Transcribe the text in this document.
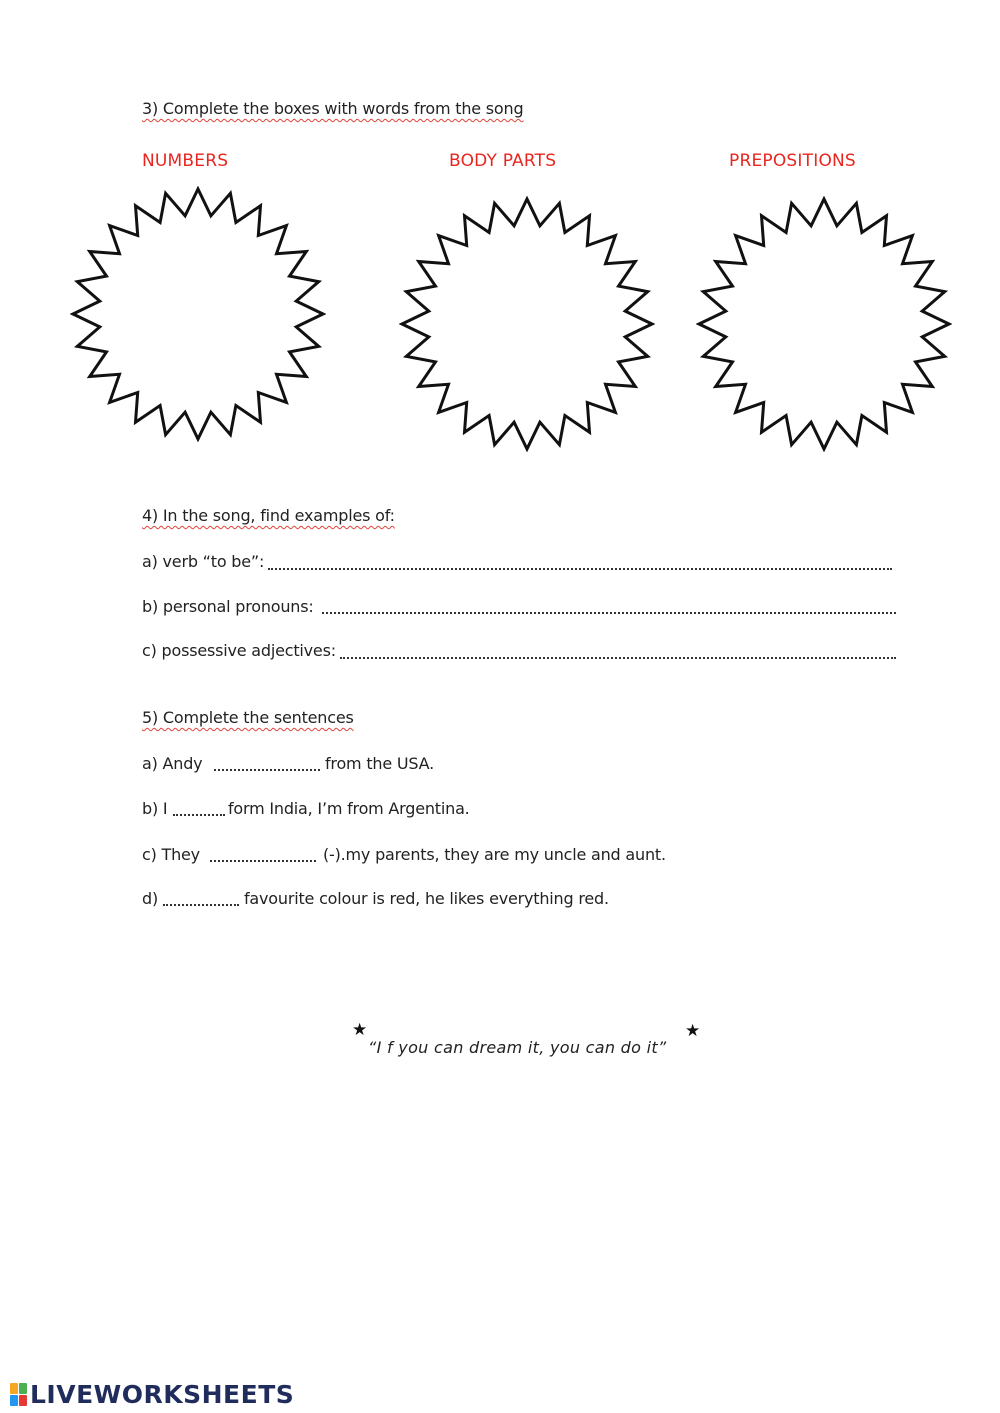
3) Complete the boxes with words from the song
NUMBERS	BODY PARTS	PREPOSITIONS
4) In the song, find examples of:
a) verb “to be”:
b) personal pronouns:
c) possessive adjectives:
5) Complete the sentences
a) Andy	from the USA.
b) I	form India, I’m from Argentina.
c) They	(-).my parents, they are my uncle and aunt.
d)	favourite colour is red, he likes everything red.
★
“I f you can dream it, you can do it”
★
LIVEWORKSHEETS
